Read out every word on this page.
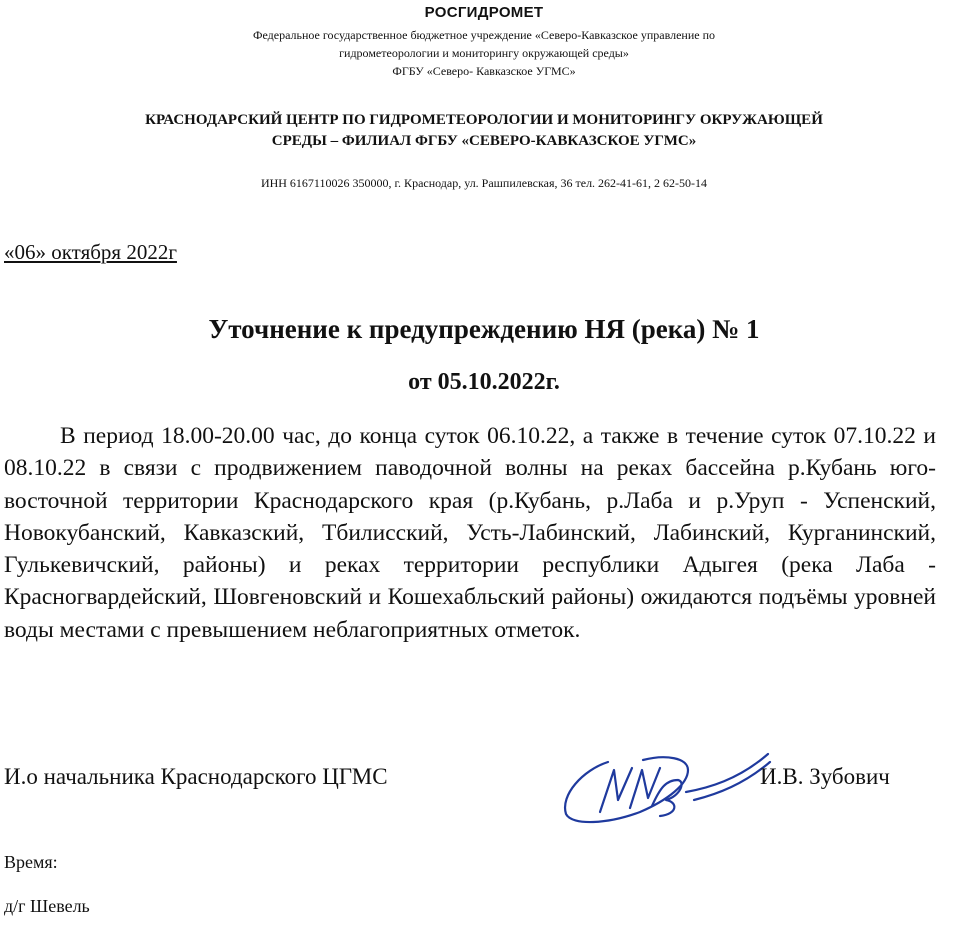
РОСГИДРОМЕТ
Федеральное государственное бюджетное учреждение «Северо-Кавказское управление по
гидрометеорологии и мониторингу окружающей среды»
ФГБУ «Северо- Кавказское УГМС»
КРАСНОДАРСКИЙ ЦЕНТР ПО ГИДРОМЕТЕОРОЛОГИИ И МОНИТОРИНГУ ОКРУЖАЮЩЕЙ
СРЕДЫ – ФИЛИАЛ ФГБУ «СЕВЕРО-КАВКАЗСКОЕ УГМС»
ИНН 6167110026 350000, г. Краснодар, ул. Рашпилевская, 36 тел. 262-41-61, 2 62-50-14
«06» октября 2022г
Уточнение к предупреждению НЯ (река) № 1
от 05.10.2022г.

В период 18.00-20.00 час, до конца суток 06.10.22, а также в течение суток 07.10.22 и 08.10.22 в связи с продвижением паводочной волны на реках бассейна р.Кубань юго-восточной территории Краснодарского края (р.Кубань, р.Лаба и р.Уруп - Успенский, Новокубанский, Кавказский, Тбилисский, Усть-Лабинский, Лабинский, Курганинский, Гулькевичский, районы) и реках территории республики Адыгея (река Лаба - Красногвардейский, Шовгеновский и Кошехабльский районы) ожидаются подъёмы уровней воды местами с превышением неблагоприятных отметок.

И.о начальника Краснодарского ЦГМС	И.В. Зубович
Время:
д/г Шевель
